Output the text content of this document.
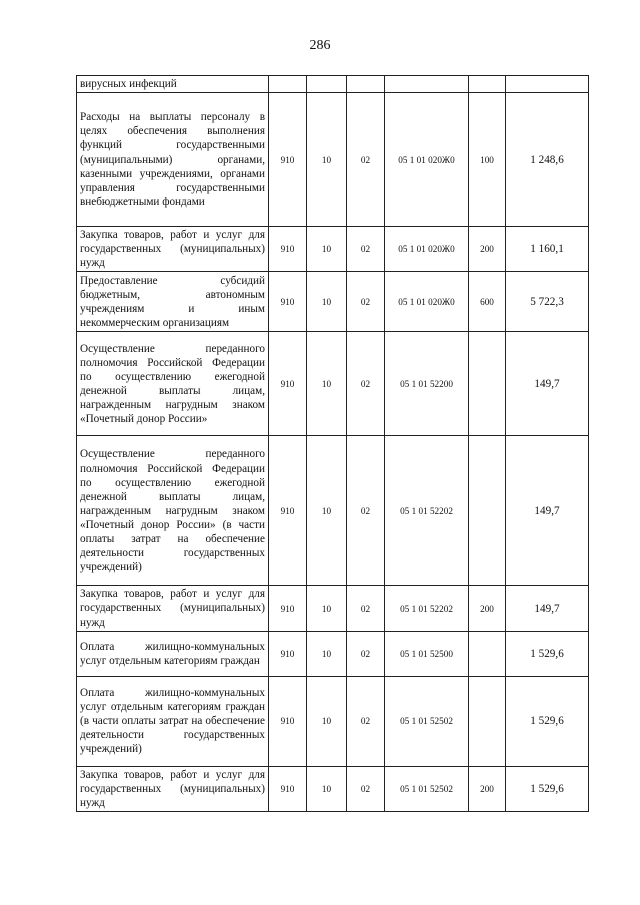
286
вирусных инфекций						
Расходы на выплаты персоналу в целях обеспечения выполнения функций государственными (муниципальными) органами, казенными учреждениями, органами управления государственными внебюджетными фондами	910	10	02	05 1 01 020Ж0	100	1 248,6
Закупка товаров, работ и услуг для государственных (муниципальных) нужд	910	10	02	05 1 01 020Ж0	200	1 160,1
Предоставление субсидий бюджетным, автономным учреждениям и иным некоммерческим организациям	910	10	02	05 1 01 020Ж0	600	5 722,3
Осуществление переданного полномочия Российской Федерации по осуществлению ежегодной денежной выплаты лицам, награжденным нагрудным знаком «Почетный донор России»	910	10	02	05 1 01 52200		149,7
Осуществление переданного полномочия Российской Федерации по осуществлению ежегодной денежной выплаты лицам, награжденным нагрудным знаком «Почетный донор России» (в части оплаты затрат на обеспечение деятельности государственных учреждений)	910	10	02	05 1 01 52202		149,7
Закупка товаров, работ и услуг для государственных (муниципальных) нужд	910	10	02	05 1 01 52202	200	149,7
Оплата жилищно-коммунальных услуг отдельным категориям граждан	910	10	02	05 1 01 52500		1 529,6
Оплата жилищно-коммунальных услуг отдельным категориям граждан (в части оплаты затрат на обеспечение деятельности государственных учреждений)	910	10	02	05 1 01 52502		1 529,6
Закупка товаров, работ и услуг для государственных (муниципальных) нужд	910	10	02	05 1 01 52502	200	1 529,6
